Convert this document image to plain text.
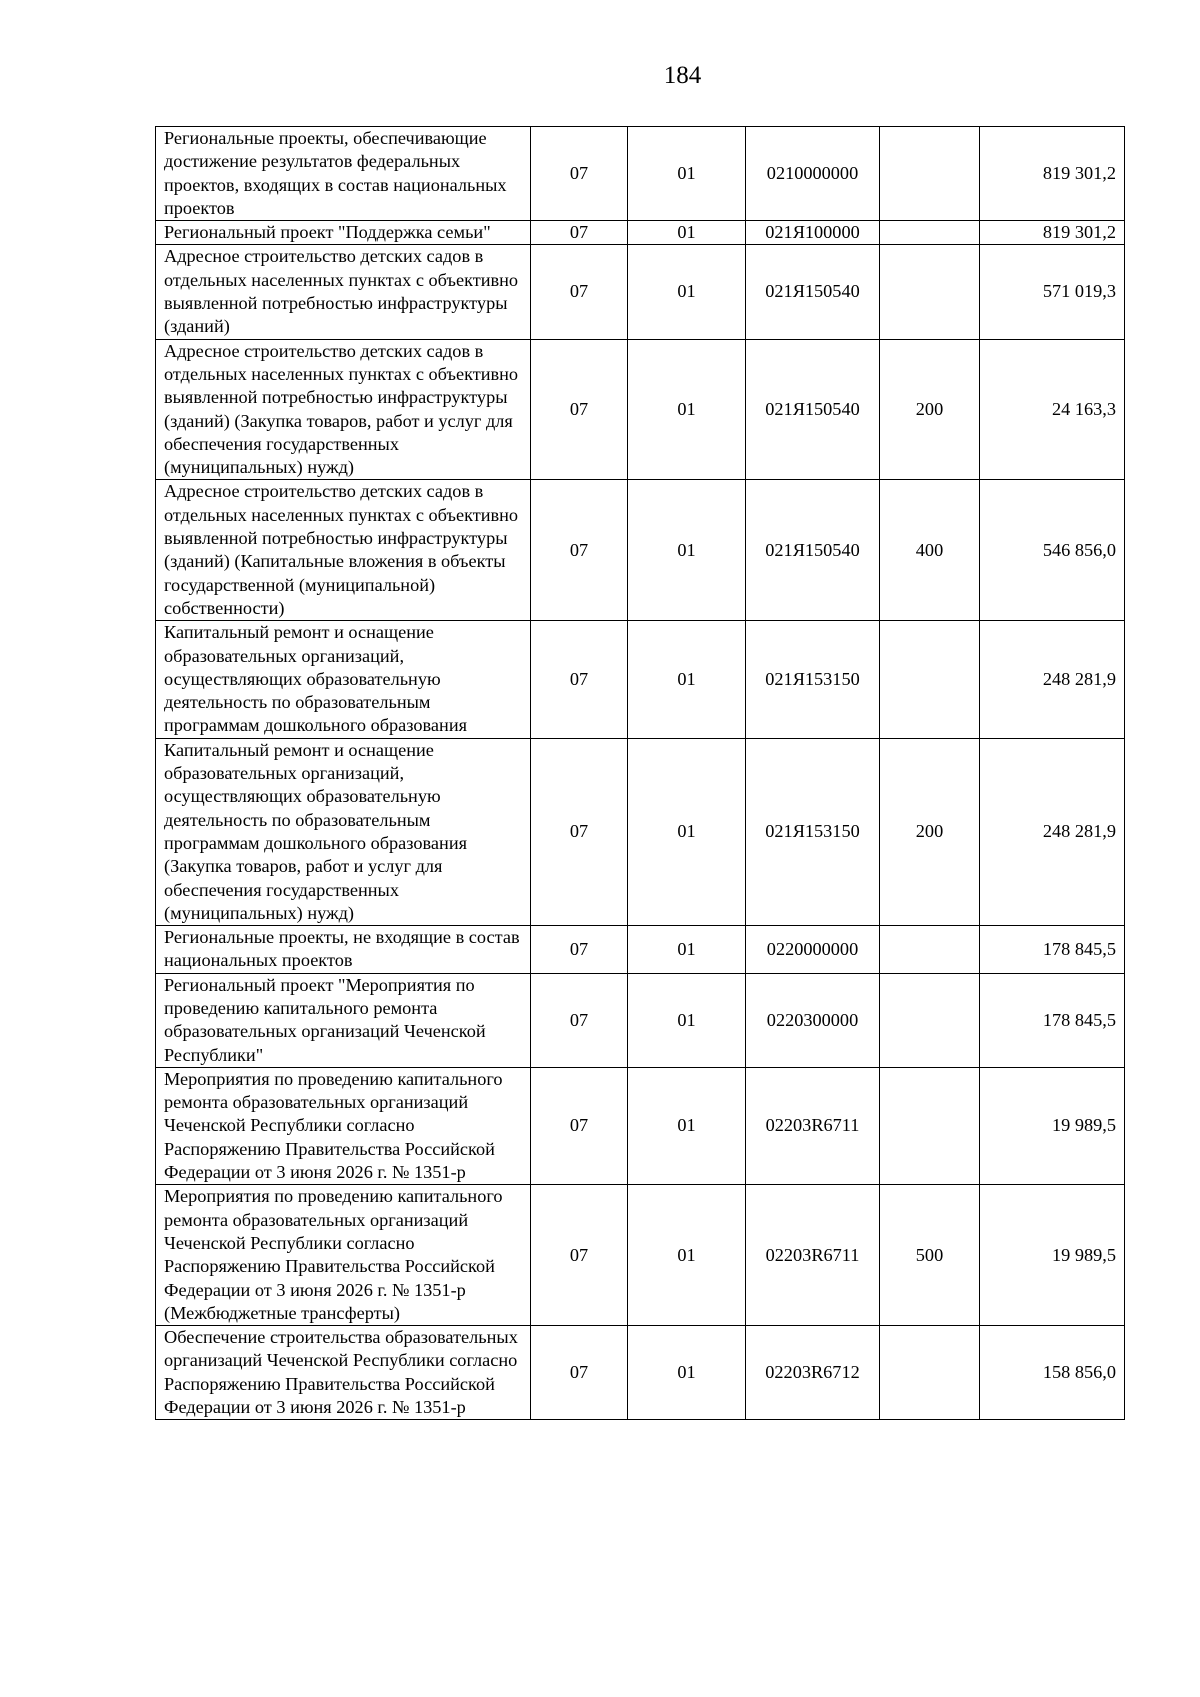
184
Региональные проекты, обеспечивающие достижение результатов федеральных проектов, входящих в состав национальных проектов	07	01	0210000000		819 301,2
Региональный проект "Поддержка семьи"	07	01	021Я100000		819 301,2
Адресное строительство детских садов в отдельных населенных пунктах с объективно выявленной потребностью инфраструктуры (зданий)	07	01	021Я150540		571 019,3
Адресное строительство детских садов в отдельных населенных пунктах с объективно выявленной потребностью инфраструктуры (зданий) (Закупка товаров, работ и услуг для обеспечения государственных (муниципальных) нужд)	07	01	021Я150540	200	24 163,3
Адресное строительство детских садов в отдельных населенных пунктах с объективно выявленной потребностью инфраструктуры (зданий) (Капитальные вложения в объекты государственной (муниципальной) собственности)	07	01	021Я150540	400	546 856,0
Капитальный ремонт и оснащение образовательных организаций, осуществляющих образовательную деятельность по образовательным программам дошкольного образования	07	01	021Я153150		248 281,9
Капитальный ремонт и оснащение образовательных организаций, осуществляющих образовательную деятельность по образовательным программам дошкольного образования (Закупка товаров, работ и услуг для обеспечения государственных (муниципальных) нужд)	07	01	021Я153150	200	248 281,9
Региональные проекты, не входящие в состав национальных проектов	07	01	0220000000		178 845,5
Региональный проект "Мероприятия по проведению капитального ремонта образовательных организаций Чеченской Республики"	07	01	0220300000		178 845,5
Мероприятия по проведению капитального ремонта образовательных организаций Чеченской Республики согласно Распоряжению Правительства Российской Федерации от 3 июня 2026 г. № 1351-р	07	01	02203R6711		19 989,5
Мероприятия по проведению капитального ремонта образовательных организаций Чеченской Республики согласно Распоряжению Правительства Российской Федерации от 3 июня 2026 г. № 1351-р (Межбюджетные трансферты)	07	01	02203R6711	500	19 989,5
Обеспечение строительства образовательных организаций Чеченской Республики согласно Распоряжению Правительства Российской Федерации от 3 июня 2026 г. № 1351-р	07	01	02203R6712		158 856,0
